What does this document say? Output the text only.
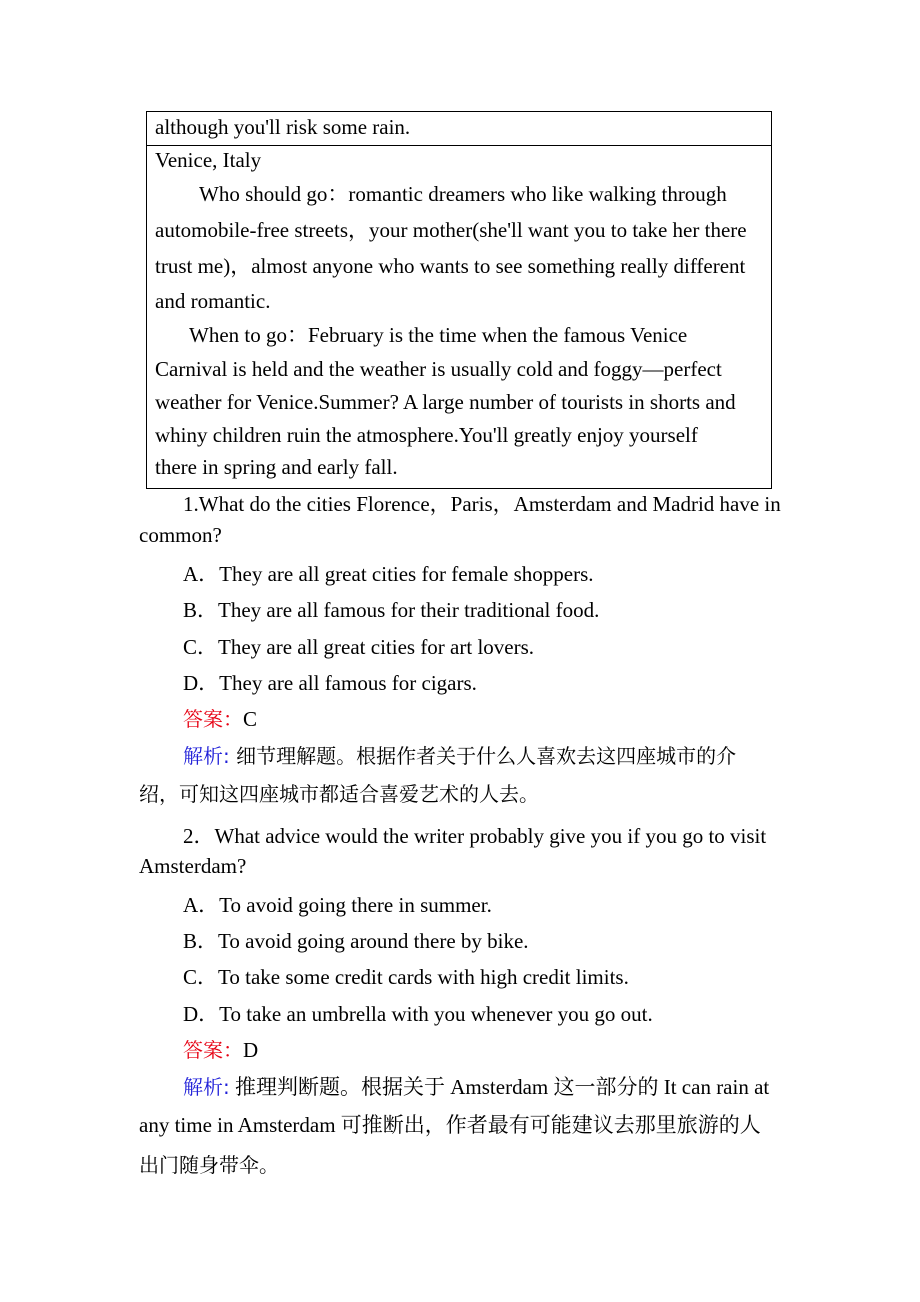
although you'll risk some rain.
Venice, Italy
Who should go：romantic dreamers who like walking through
automobile-free streets，your mother(she'll want you to take her there
trust me)，almost anyone who wants to see something really different
and romantic.
When to go：February is the time when the famous Venice
Carnival is held and the weather is usually cold and foggy—perfect
weather for Venice.Summer? A large number of tourists in shorts and
whiny children ruin the atmosphere.You'll greatly enjoy yourself
there in spring and early fall.
1.What do the cities Florence，Paris，Amsterdam and Madrid have in
common?
A．They are all great cities for female shoppers.
B．They are all famous for their traditional food.
C．They are all great cities for art lovers.
D．They are all famous for cigars.
答案：C
解析: 细节理解题。根据作者关于什么人喜欢去这四座城市的介
绍，可知这四座城市都适合喜爱艺术的人去。
2．What advice would the writer probably give you if you go to visit
Amsterdam?
A．To avoid going there in summer.
B．To avoid going around there by bike.
C．To take some credit cards with high credit limits.
D．To take an umbrella with you whenever you go out.
答案：D
解析: 推理判断题。根据关于 Amsterdam 这一部分的 It can rain at
any time in Amsterdam 可推断出，作者最有可能建议去那里旅游的人
出门随身带伞。
